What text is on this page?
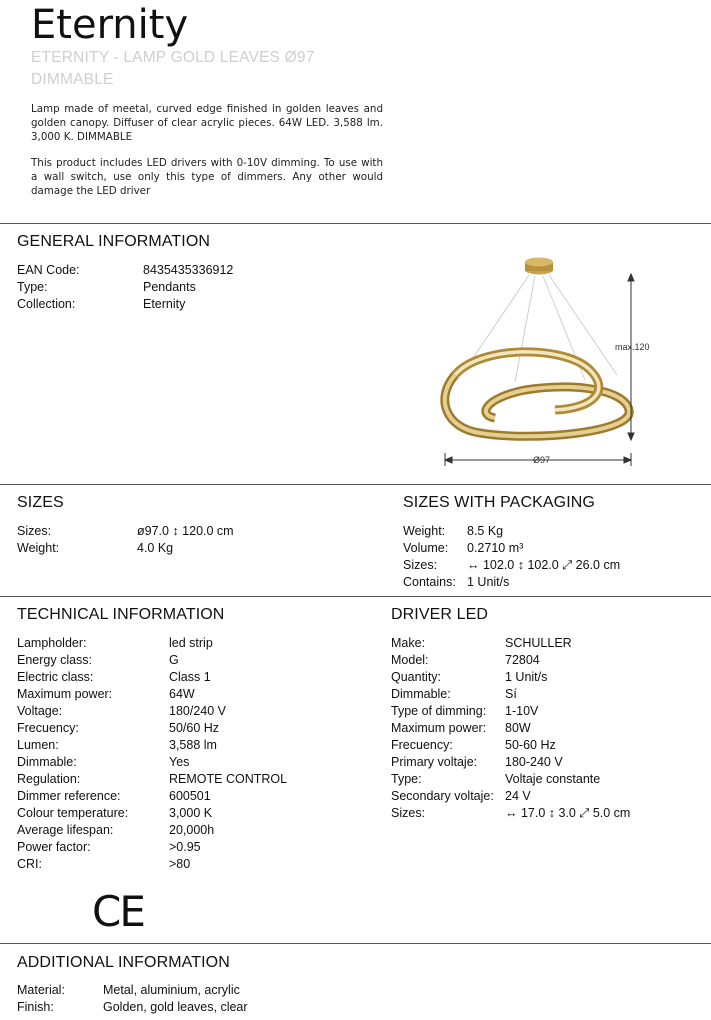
Eternity
ETERNITY - LAMP GOLD LEAVES Ø97 DIMMABLE
Lamp made of meetal, curved edge finished in golden leaves and golden canopy. Diffuser of clear acrylic pieces. 64W LED. 3,588 lm. 3,000 K. DIMMABLE
This product includes LED drivers with 0-10V dimming. To use with a wall switch, use only this type of dimmers. Any other would damage the LED driver
GENERAL INFORMATION
EAN Code:	8435435336912
Type:	Pendants
Collection:	Eternity
max.120
Ø97
SIZES
Sizes:	ø97.0 ↕ 120.0 cm
Weight:	4.0 Kg
SIZES WITH PACKAGING
Weight: 8.5 Kg
Volume: 0.2710 m³
Sizes: ↔ 102.0 ↕ 102.0 ⤢ 26.0 cm
Contains: 1 Unit/s
TECHNICAL INFORMATION
Lampholder:	led strip
Energy class:	G
Electric class:	Class 1
Maximum power:	64W
Voltage:	180/240 V
Frecuency:	50/60 Hz
Lumen:	3,588 lm
Dimmable:	Yes
Regulation:	REMOTE CONTROL
Dimmer reference:	600501
Colour temperature:	3,000 K
Average lifespan:	20,000h
Power factor:	>0.95
CRI:	>80
DRIVER LED
Make:	SCHULLER
Model:	72804
Quantity:	1 Unit/s
Dimmable:	Sí
Type of dimming: 1-10V
Maximum power: 80W
Frecuency:	50-60 Hz
Primary voltaje: 180-240 V
Type:	Voltaje constante
Secondary voltaje: 24 V
Sizes:	↔ 17.0 ↕ 3.0 ⤢ 5.0 cm
CE
ADDITIONAL INFORMATION
Material:	Metal, aluminium, acrylic
Finish:	Golden, gold leaves, clear
